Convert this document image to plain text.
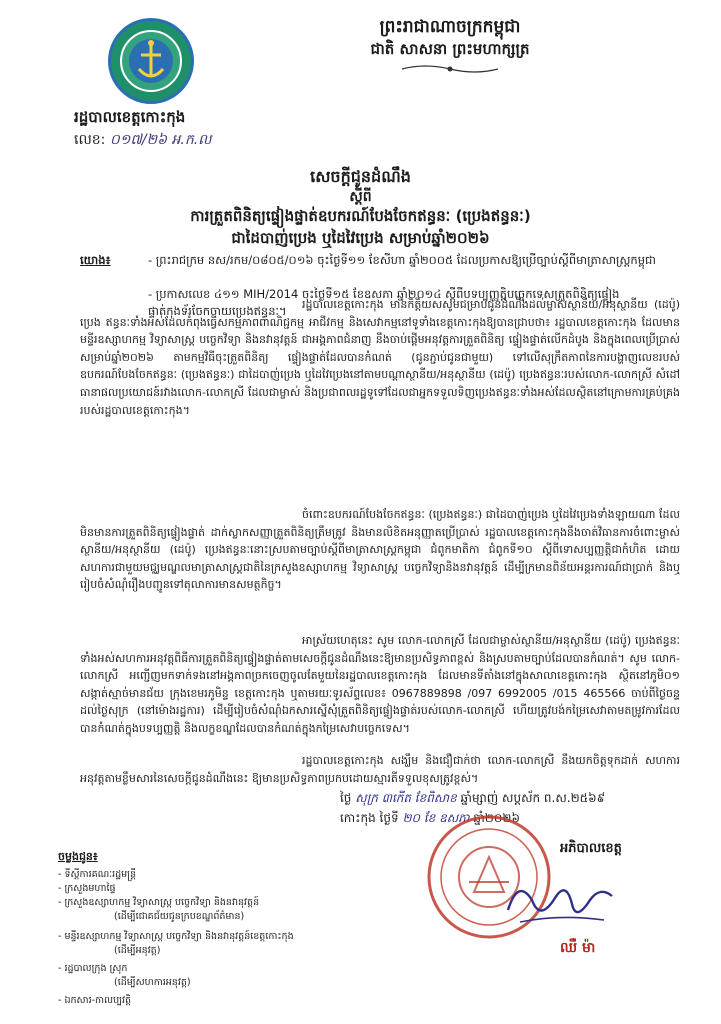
ព្រះរាជាណាចក្រកម្ពុជា
ជាតិ សាសនា ព្រះមហាក្សត្រ
រដ្ឋបាលខេត្តកោះកុង
លេខ: ០១៧/២៦ អ.ក.ល
សេចក្តីជូនដំណឹង
ស្តីពី
ការត្រួតពិនិត្យផ្ទៀងផ្ទាត់ឧបករណ៍បែងចែកឥន្ធនៈ (ប្រេងឥន្ធនៈ)
ជាដៃបាញ់ប្រេង ឬដៃវៃប្រេង សម្រាប់ឆ្នាំ២០២៦
យោង៖	- ព្រះរាជក្រម នស/រកម/០៨០៥/០១៦ ចុះថ្ងៃទី១១ ខែសីហា ឆ្នាំ២០០៥ ដែលប្រកាសឱ្យប្រើច្បាប់ស្តីពីមាត្រាសាស្ត្រកម្ពុជា
- ប្រកាសលេខ ៤១១ MIH/2014 ចុះថ្ងៃទី១៥ ខែឧសភា ឆ្នាំ២០១៤ ស្តីពីបទប្បញ្ញត្តិបច្ចេកទេសត្រួតពិនិត្យផ្ទៀងផ្ទាត់កុងទ័រចែកចាយប្រេងឥន្ធនៈ។	រដ្ឋបាលខេត្តកោះកុង មានកិត្តិយសសូមជម្រាបជូនដំណឹងដល់ម្ចាស់ស្ថានីយ/អនុស្ថានីយ (ដេប៉ូ) ប្រេង ឥន្ធនៈទាំងអស់ដែលកំពុងធ្វើសកម្មភាពពាណិជ្ជកម្ម អាជីវកម្ម និងសេវាកម្មនៅទូទាំងខេត្តកោះកុងឱ្យបានជ្រាបថា៖ រដ្ឋបាលខេត្តកោះកុង ដែលមានមន្ទីរឧស្សាហកម្ម វិទ្យាសាស្ត្រ បច្ចេកវិទ្យា និងនវានុវត្តន៍ ជាអង្គភាពជំនាញ នឹងចាប់ផ្តើមអនុវត្តការត្រួតពិនិត្យ ផ្ទៀងផ្ទាត់លើកដំបូង និងក្នុងពេលប្រើប្រាស់សម្រាប់ឆ្នាំ២០២៦ តាមកម្មវិធីចុះត្រួតពិនិត្យ ផ្ទៀងផ្ទាត់ដែលបានកំណត់ (ជូនភ្ជាប់ជូនជាមួយ) ទៅលើសុក្រឹតភាពនៃការបង្ហាញលេខរបស់ឧបករណ៍បែងចែកឥន្ធនៈ (ប្រេងឥន្ធនៈ) ជាដៃបាញ់ប្រេង ឬដៃវៃប្រេងនៅតាមបណ្តាស្ថានីយ/អនុស្ថានីយ (ដេប៉ូ) ប្រេងឥន្ធនៈរបស់លោក-លោកស្រី សំដៅធានាផលប្រយោជន៍រវាងលោក-លោកស្រី ដែលជាម្ចាស់ និងប្រជាពលរដ្ឋទូទៅដែលជាអ្នកទទួលទិញប្រេងឥន្ធនៈទាំងអស់ដែលស្ថិតនៅក្រោមការគ្រប់គ្រងរបស់រដ្ឋបាលខេត្តកោះកុង។

ចំពោះឧបករណ៍បែងចែកឥន្ធនៈ (ប្រេងឥន្ធនៈ) ជាដៃបាញ់ប្រេង ឬដៃវៃប្រេងទាំងឡាយណា ដែលមិនមានការត្រួតពិនិត្យផ្ទៀងផ្ទាត់ ដាក់ស្លាកសញ្ញាត្រួតពិនិត្យត្រឹមត្រូវ និងមានលិខិតអនុញ្ញាតប្រើប្រាស់ រដ្ឋបាលខេត្តកោះកុងនឹងចាត់វិធានការចំពោះម្ចាស់ស្ថានីយ/អនុស្ថានីយ (ដេប៉ូ) ប្រេងឥន្ធនៈនោះស្របតាមច្បាប់ស្តីពីមាត្រាសាស្ត្រកម្ពុជា ជំពូកមាតិកា ជំពូកទី១០ ស្តីពីទោសប្បញ្ញត្តិជាកំហិត ដោយសហការជាមួយមជ្ឈមណ្ឌលមាត្រាសាស្ត្រជាតិនៃក្រសួងឧស្សាហកម្ម វិទ្យាសាស្ត្រ បច្ចេកវិទ្យានិងនវានុវត្តន៍ ដើម្បីក្រមានពិន័យអន្តរការណ៍ជាប្រាក់ និងឬ រៀបចំសំណុំរឿងបញ្ជូនទៅតុលាការមានសមត្ថកិច្ច។

អាស្រ័យហេតុនេះ សូម លោក-លោកស្រី ដែលជាម្ចាស់ស្ថានីយ/អនុស្ថានីយ (ដេប៉ូ) ប្រេងឥន្ធនៈទាំងអស់សហការអនុវត្តពិធីការត្រួតពិនិត្យផ្ទៀងផ្ទាត់តាមសេចក្តីជូនដំណឹងនេះឱ្យមានប្រសិទ្ធភាពខ្ពស់ និងស្របតាមច្បាប់ដែលបានកំណត់។ សូម លោក-លោកស្រី អញ្ជើញមកទាក់ទងនៅអង្គភាពច្រកចេញចូលតែមួយនៃរដ្ឋបាលខេត្តកោះកុង ដែលមានទីតាំងនៅក្នុងសាលាខេត្តកោះកុង ស្ថិតនៅភូមិ០១ សង្កាត់ស្មាច់មានជ័យ ក្រុងខេមរភូមិន្ទ ខេត្តកោះកុង ឬតាមរយៈទូរស័ព្ទលេខ៖ 0967889898 /097 6992005 /015 465566 ចាប់ពីថ្ងៃចន្ទ ដល់ថ្ងៃសុក្រ (នៅម៉ោងរដ្ឋការ) ដើម្បីរៀបចំសំណុំឯកសារស្នើសុំត្រួតពិនិត្យផ្ទៀងផ្ទាត់របស់លោក-លោកស្រី ហើយត្រូវបង់កម្រៃសេវាតាមតម្រូវការដែលបានកំណត់ក្នុងបទប្បញ្ញត្តិ និងលក្ខខណ្ឌដែលបានកំណត់ក្នុងកម្រៃសេវាបច្ចេកទេស។

រដ្ឋបាលខេត្តកោះកុង សង្ឃឹម និងជឿជាក់ថា លោក-លោកស្រី នឹងយកចិត្តទុកដាក់ សហការអនុវត្តតាមខ្លឹមសារនៃសេចក្តីជូនដំណឹងនេះ ឱ្យមានប្រសិទ្ធភាពប្រកបដោយស្មារតីទទួលខុសត្រូវខ្ពស់។

ថ្ងៃ សុក្រ ៣កើត ខែពិសាខ ឆ្នាំម្សាញ់ សប្តស័ក ព.ស.២៥៦៩
កោះកុង ថ្ងៃទី ២០ ខែ ឧសភា ឆ្នាំ២០២៦
អភិបាលខេត្ត
ឈឺ ម៉ា
ចម្លងជូន៖
- ទីស្តីការគណៈរដ្ឋមន្ត្រី
- ក្រសួងមហាផ្ទៃ
- ក្រសួងឧស្សាហកម្ម វិទ្យាសាស្ត្រ បច្ចេកវិទ្យា និងនវានុវត្តន៍
(ដើម្បីជោគជ័យជូនក្របខណ្ឌព័ត៌មាន)
- មន្ទីរឧស្សាហកម្ម វិទ្យាសាស្ត្រ បច្ចេកវិទ្យា និងនវានុវត្តន៍ខេត្តកោះកុង
(ដើម្បីអនុវត្ត)
- រដ្ឋបាលក្រុង ស្រុក
(ដើម្បីសហការអនុវត្ត)
- ឯកសារ-កាលប្បវត្តិ
